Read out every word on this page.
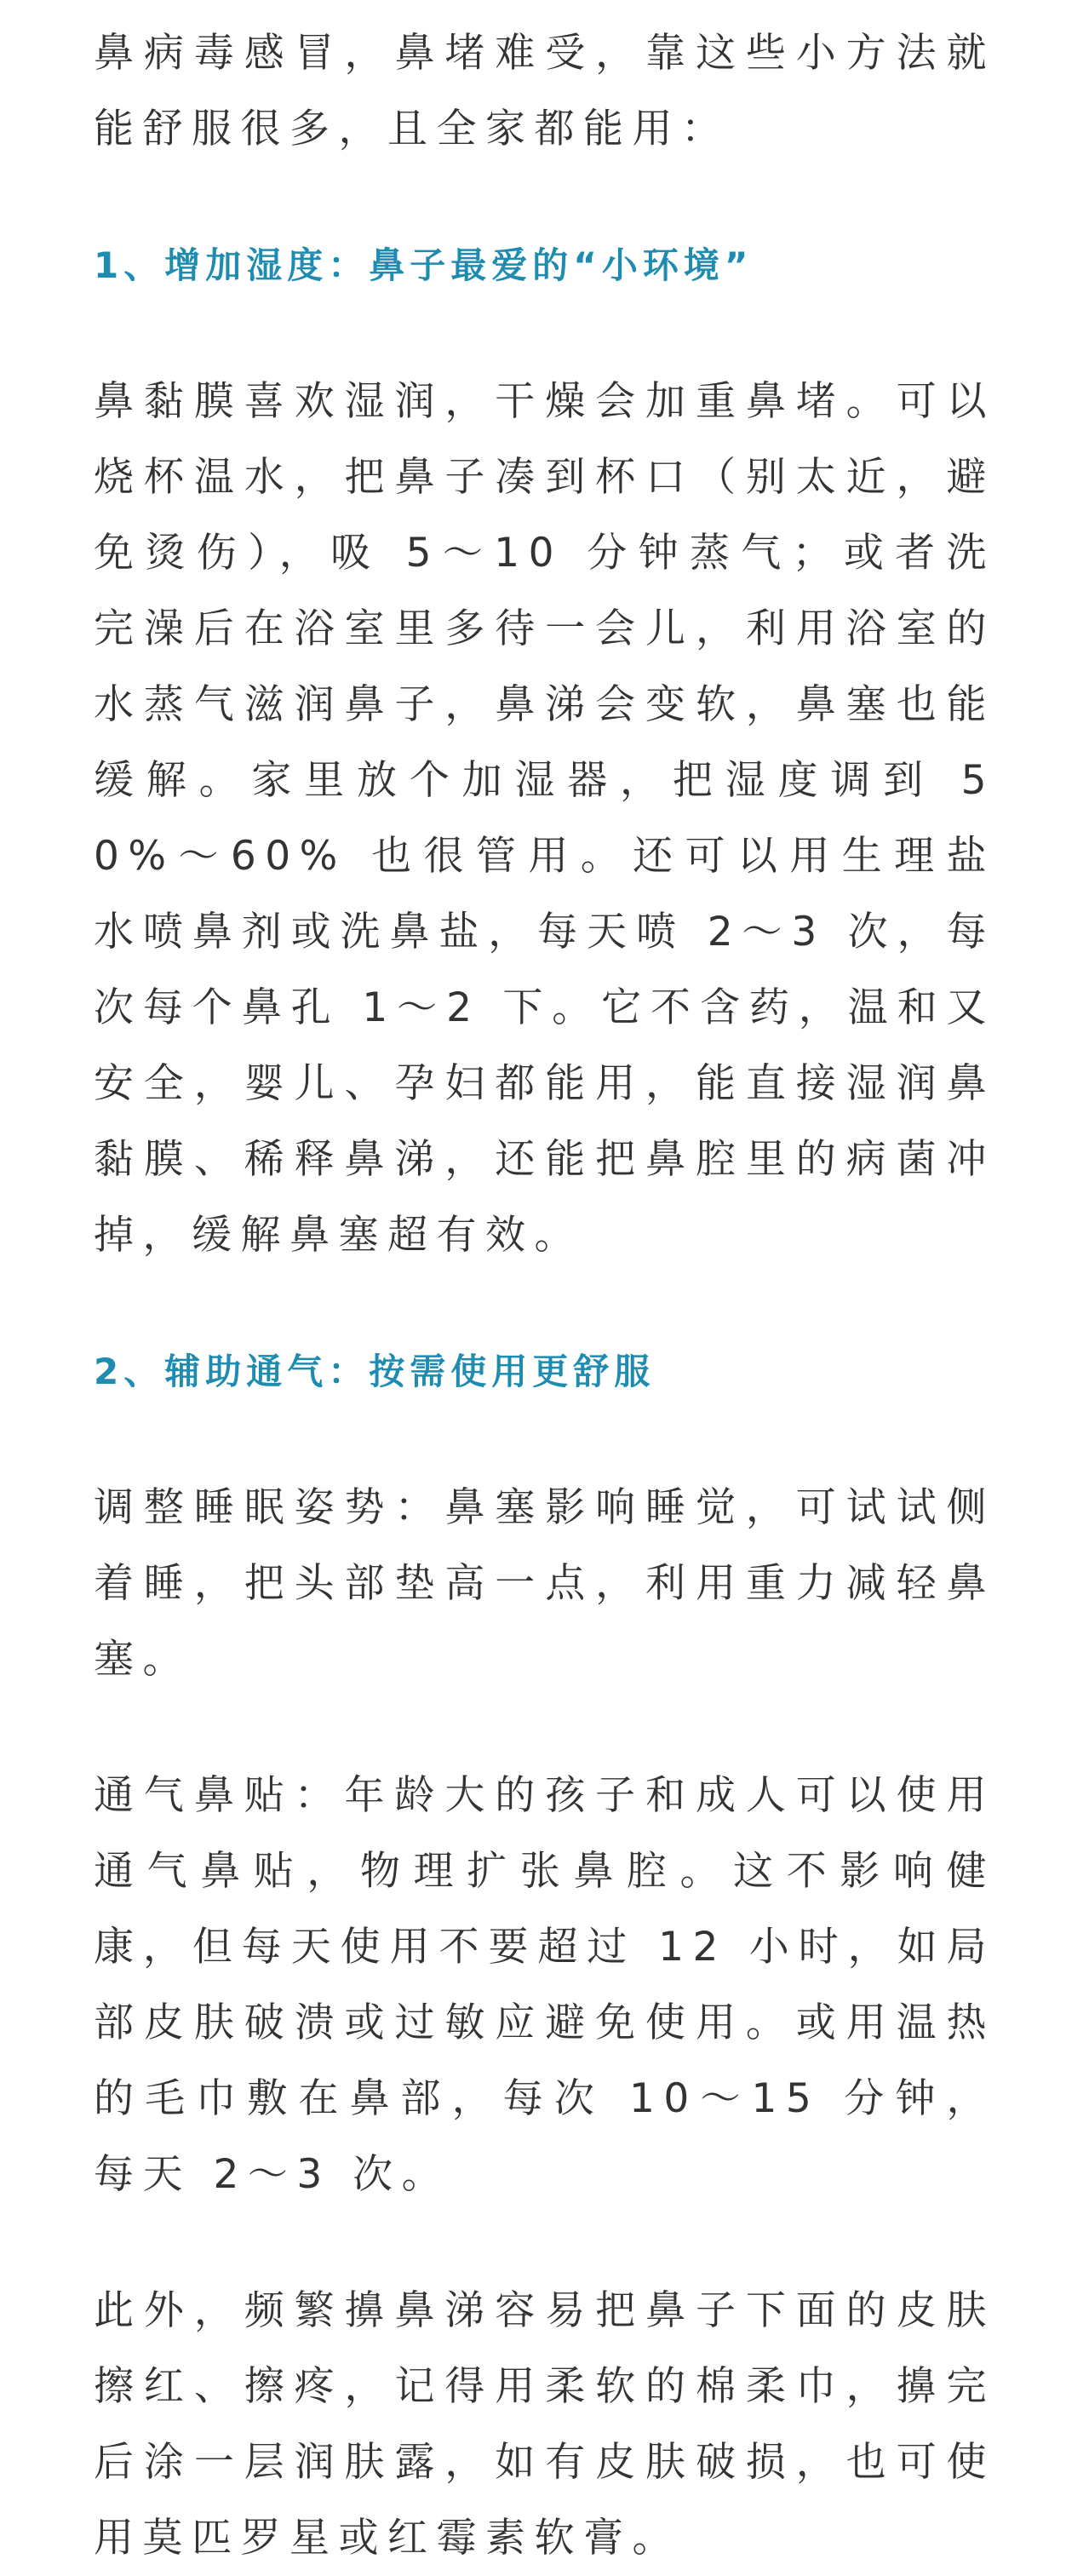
鼻病毒感冒，鼻堵难受，靠这些小方法就能舒服很多，且全家都能用：

1、增加湿度：鼻子最爱的“小环境”

鼻黏膜喜欢湿润，干燥会加重鼻堵。可以烧杯温水，把鼻子凑到杯口（别太近，避免烫伤），吸 5～10 分钟蒸气；或者洗完澡后在浴室里多待一会儿，利用浴室的水蒸气滋润鼻子，鼻涕会变软，鼻塞也能缓解。家里放个加湿器，把湿度调到 50%～60% 也很管用。还可以用生理盐水喷鼻剂或洗鼻盐，每天喷 2～3 次，每次每个鼻孔 1～2 下。它不含药，温和又安全，婴儿、孕妇都能用，能直接湿润鼻黏膜、稀释鼻涕，还能把鼻腔里的病菌冲掉，缓解鼻塞超有效。

2、辅助通气：按需使用更舒服

调整睡眠姿势：鼻塞影响睡觉，可试试侧着睡，把头部垫高一点，利用重力减轻鼻塞。

通气鼻贴：年龄大的孩子和成人可以使用通气鼻贴，物理扩张鼻腔。这不影响健康，但每天使用不要超过 12 小时，如局部皮肤破溃或过敏应避免使用。或用温热的毛巾敷在鼻部，每次 10～15 分钟，每天 2～3 次。

此外，频繁擤鼻涕容易把鼻子下面的皮肤擦红、擦疼，记得用柔软的棉柔巾，擤完后涂一层润肤露，如有皮肤破损，也可使用莫匹罗星或红霉素软膏。
